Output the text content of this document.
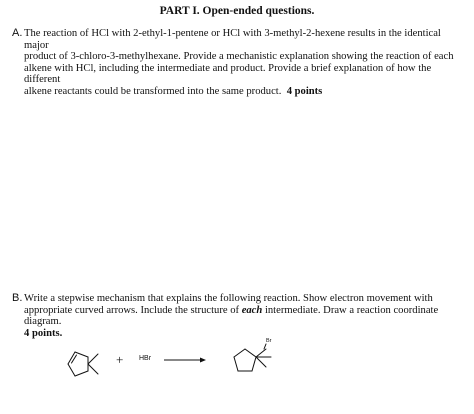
PART I. Open-ended questions.
A. The reaction of HCl with 2-ethyl-1-pentene or HCl with 3-methyl-2-hexene results in the identical major
product of 3-chloro-3-methylhexane. Provide a mechanistic explanation showing the reaction of each
alkene with HCl, including the intermediate and product. Provide a brief explanation of how the different
alkene reactants could be transformed into the same product. 4 points
B. Write a stepwise mechanism that explains the following reaction. Show electron movement with
appropriate curved arrows. Include the structure of each intermediate. Draw a reaction coordinate diagram.
4 points.
+ HBr
Br
